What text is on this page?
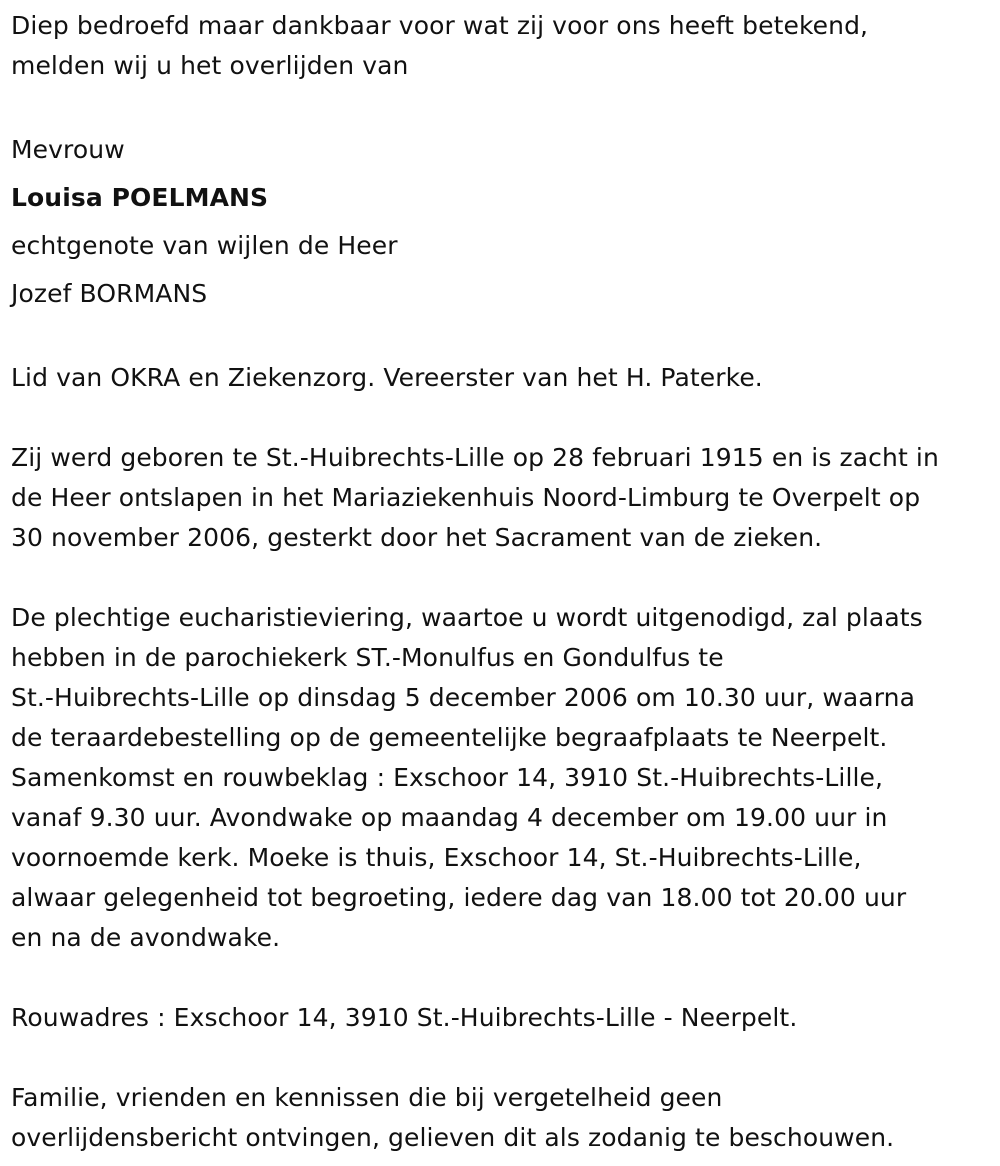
Diep bedroefd maar dankbaar voor wat zij voor ons heeft betekend,
melden wij u het overlijden van

Mevrouw

Louisa POELMANS

echtgenote van wijlen de Heer

Jozef BORMANS

Lid van OKRA en Ziekenzorg. Vereerster van het H. Paterke.

Zij werd geboren te St.-Huibrechts-Lille op 28 februari 1915 en is zacht in
de Heer ontslapen in het Mariaziekenhuis Noord-Limburg te Overpelt op
30 november 2006, gesterkt door het Sacrament van de zieken.

De plechtige eucharistieviering, waartoe u wordt uitgenodigd, zal plaats
hebben in de parochiekerk ST.-Monulfus en Gondulfus te
St.-Huibrechts-Lille op dinsdag 5 december 2006 om 10.30 uur, waarna
de teraardebestelling op de gemeentelijke begraafplaats te Neerpelt.
Samenkomst en rouwbeklag : Exschoor 14, 3910 St.-Huibrechts-Lille,
vanaf 9.30 uur. Avondwake op maandag 4 december om 19.00 uur in
voornoemde kerk. Moeke is thuis, Exschoor 14, St.-Huibrechts-Lille,
alwaar gelegenheid tot begroeting, iedere dag van 18.00 tot 20.00 uur
en na de avondwake.

Rouwadres : Exschoor 14, 3910 St.-Huibrechts-Lille - Neerpelt.

Familie, vrienden en kennissen die bij vergetelheid geen
overlijdensbericht ontvingen, gelieven dit als zodanig te beschouwen.
